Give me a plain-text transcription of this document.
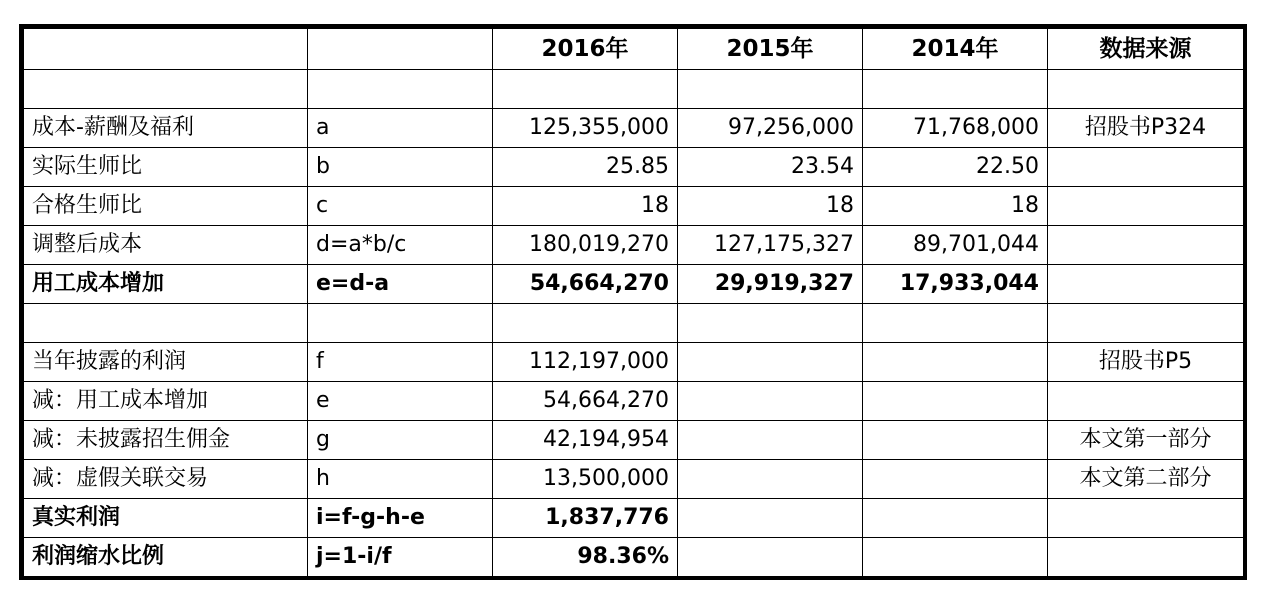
		2016年	2015年	2014年	数据来源

成本-薪酬及福利	a	125,355,000	97,256,000	71,768,000	招股书P324
实际生师比	b	25.85	23.54	22.50	
合格生师比	c	18	18	18	
调整后成本	d=a*b/c	180,019,270	127,175,327	89,701,044	
用工成本增加	e=d-a	54,664,270	29,919,327	17,933,044	

当年披露的利润	f	112,197,000			招股书P5
减：用工成本增加	e	54,664,270			
减：未披露招生佣金	g	42,194,954			本文第一部分
减：虚假关联交易	h	13,500,000			本文第二部分
真实利润	i=f-g-h-e	1,837,776			
利润缩水比例	j=1-i/f	98.36%			
